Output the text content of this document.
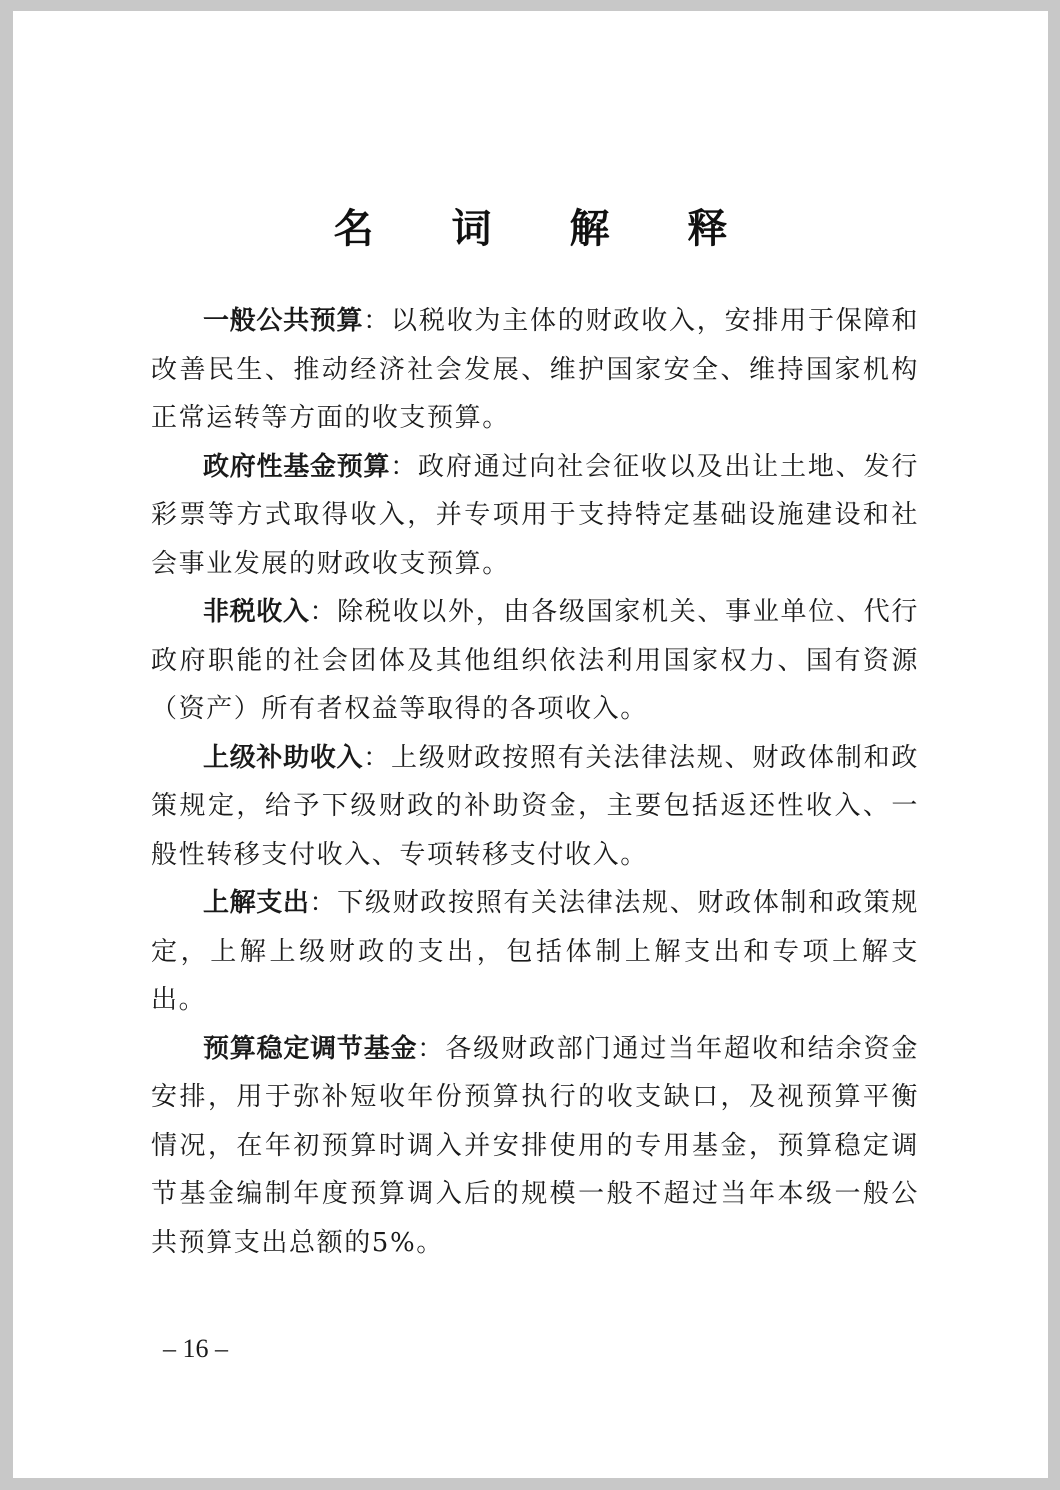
名 词 解 释

一般公共预算：以税收为主体的财政收入，安排用于保障和改善民生、推动经济社会发展、维护国家安全、维持国家机构正常运转等方面的收支预算。

政府性基金预算：政府通过向社会征收以及出让土地、发行彩票等方式取得收入，并专项用于支持特定基础设施建设和社会事业发展的财政收支预算。

非税收入：除税收以外，由各级国家机关、事业单位、代行政府职能的社会团体及其他组织依法利用国家权力、国有资源（资产）所有者权益等取得的各项收入。

上级补助收入：上级财政按照有关法律法规、财政体制和政策规定，给予下级财政的补助资金，主要包括返还性收入、一般性转移支付收入、专项转移支付收入。

上解支出：下级财政按照有关法律法规、财政体制和政策规定，上解上级财政的支出，包括体制上解支出和专项上解支出。

预算稳定调节基金：各级财政部门通过当年超收和结余资金安排，用于弥补短收年份预算执行的收支缺口，及视预算平衡情况，在年初预算时调入并安排使用的专用基金，预算稳定调节基金编制年度预算调入后的规模一般不超过当年本级一般公共预算支出总额的5%。

– 16 –
